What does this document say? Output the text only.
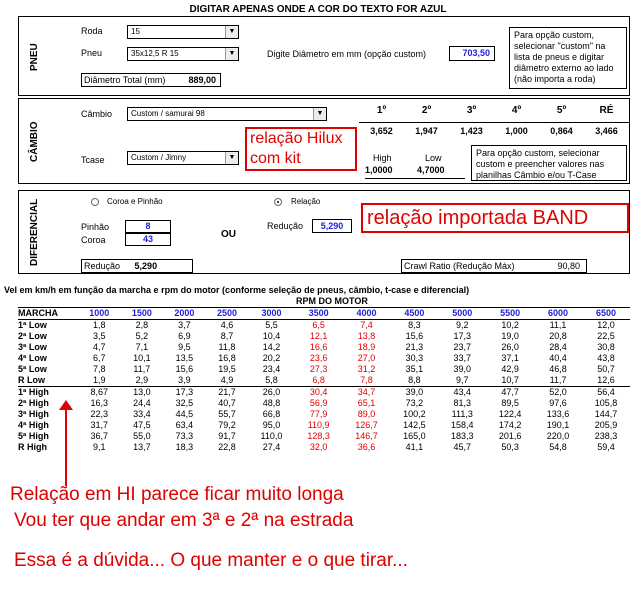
DIGITAR APENAS ONDE A COR DO TEXTO FOR AZUL
PNEU
Roda	15	▼
Pneu	35x12,5 R 15	▼	Digite Diâmetro em mm (opção custom)	703,50
Diâmetro Total (mm)	889,00
Para opção custom,
selecionar "custom" na
lista de pneus e digitar
diâmetro externo ao lado
(não importa a roda)
CÂMBIO
Câmbio	Custom / samurai 98	▼
Tcase	Custom / Jimny	▼
relação Hilux
com kit
1º	2º	3º	4º	5º	RÉ
3,652	1,947	1,423	1,000	0,864	3,466
High	Low
1,0000	4,7000
Para opção custom, selecionar
custom e preencher valores nas
planilhas Câmbio e/ou T-Case
DIFERENCIAL	Coroa e Pinhão	Relação
Pinhão	8
Coroa	43	OU
Redução	5,290	relação importada BAND
Redução 5,290	Crawl Ratio (Redução Máx)	90,80
Vel em km/h em função da marcha e rpm do motor (conforme seleção de pneus, câmbio, t-case e diferencial)
RPM DO MOTOR
MARCHA	1000	1500	2000	2500	3000	3500	4000	4500	5000	5500	6000	6500
1ª Low	1,8	2,8	3,7	4,6	5,5	6,5	7,4	8,3	9,2	10,2	11,1	12,0
2ª Low	3,5	5,2	6,9	8,7	10,4	12,1	13,8	15,6	17,3	19,0	20,8	22,5
3ª Low	4,7	7,1	9,5	11,8	14,2	16,6	18,9	21,3	23,7	26,0	28,4	30,8
4ª Low	6,7	10,1	13,5	16,8	20,2	23,6	27,0	30,3	33,7	37,1	40,4	43,8
5ª Low	7,8	11,7	15,6	19,5	23,4	27,3	31,2	35,1	39,0	42,9	46,8	50,7
R Low	1,9	2,9	3,9	4,9	5,8	6,8	7,8	8,8	9,7	10,7	11,7	12,6
1ª High	8,67	13,0	17,3	21,7	26,0	30,4	34,7	39,0	43,4	47,7	52,0	56,4
2ª High	16,3	24,4	32,5	40,7	48,8	56,9	65,1	73,2	81,3	89,5	97,6	105,8
3ª High	22,3	33,4	44,5	55,7	66,8	77,9	89,0	100,2	111,3	122,4	133,6	144,7
4ª High	31,7	47,5	63,4	79,2	95,0	110,9	126,7	142,5	158,4	174,2	190,1	205,9
5ª High	36,7	55,0	73,3	91,7	110,0	128,3	146,7	165,0	183,3	201,6	220,0	238,3
R High	9,1	13,7	18,3	22,8	27,4	32,0	36,6	41,1	45,7	50,3	54,8	59,4
Relação em HI parece ficar muito longa
Vou ter que andar em 3ª e 2ª na estrada
Essa é a dúvida... O que manter e o que tirar...
